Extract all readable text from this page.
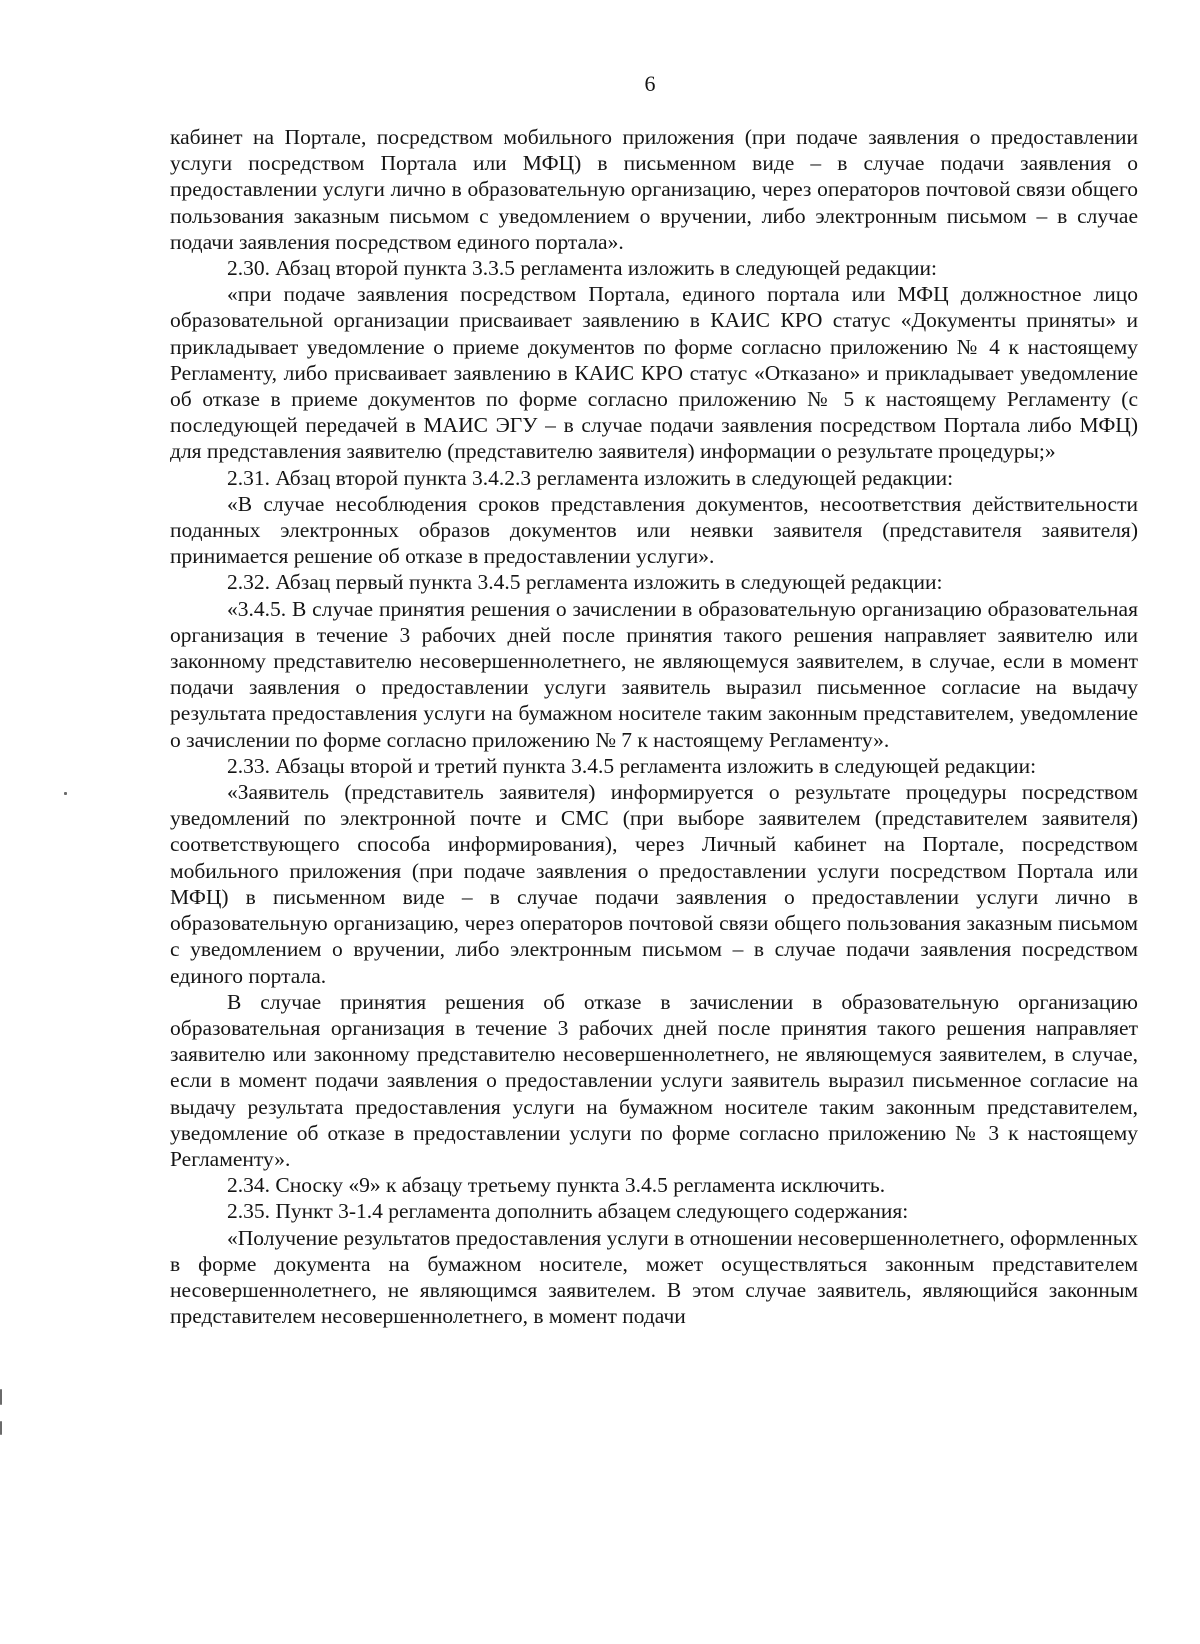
6

кабинет на Портале, посредством мобильного приложения (при подаче заявления о предоставлении услуги посредством Портала или МФЦ) в письменном виде – в случае подачи заявления о предоставлении услуги лично в образовательную организацию, через операторов почтовой связи общего пользования заказным письмом с уведомлением о вручении, либо электронным письмом – в случае подачи заявления посредством единого портала».

2.30. Абзац второй пункта 3.3.5 регламента изложить в следующей редакции:

«при подаче заявления посредством Портала, единого портала или МФЦ должностное лицо образовательной организации присваивает заявлению в КАИС КРО статус «Документы приняты» и прикладывает уведомление о приеме документов по форме согласно приложению № 4 к настоящему Регламенту, либо присваивает заявлению в КАИС КРО статус «Отказано» и прикладывает уведомление об отказе в приеме документов по форме согласно приложению № 5 к настоящему Регламенту (с последующей передачей в МАИС ЭГУ – в случае подачи заявления посредством Портала либо МФЦ) для представления заявителю (представителю заявителя) информации о результате процедуры;»

2.31. Абзац второй пункта 3.4.2.3 регламента изложить в следующей редакции:

«В случае несоблюдения сроков представления документов, несоответствия действительности поданных электронных образов документов или неявки заявителя (представителя заявителя) принимается решение об отказе в предоставлении услуги».

2.32. Абзац первый пункта 3.4.5 регламента изложить в следующей редакции:

«3.4.5. В случае принятия решения о зачислении в образовательную организацию образовательная организация в течение 3 рабочих дней после принятия такого решения направляет заявителю или законному представителю несовершеннолетнего, не являющемуся заявителем, в случае, если в момент подачи заявления о предоставлении услуги заявитель выразил письменное согласие на выдачу результата предоставления услуги на бумажном носителе таким законным представителем, уведомление о зачислении по форме согласно приложению № 7 к настоящему Регламенту».

2.33. Абзацы второй и третий пункта 3.4.5 регламента изложить в следующей редакции:

«Заявитель (представитель заявителя) информируется о результате процедуры посредством уведомлений по электронной почте и СМС (при выборе заявителем (представителем заявителя) соответствующего способа информирования), через Личный кабинет на Портале, посредством мобильного приложения (при подаче заявления о предоставлении услуги посредством Портала или МФЦ) в письменном виде – в случае подачи заявления о предоставлении услуги лично в образовательную организацию, через операторов почтовой связи общего пользования заказным письмом с уведомлением о вручении, либо электронным письмом – в случае подачи заявления посредством единого портала.

В случае принятия решения об отказе в зачислении в образовательную организацию образовательная организация в течение 3 рабочих дней после принятия такого решения направляет заявителю или законному представителю несовершеннолетнего, не являющемуся заявителем, в случае, если в момент подачи заявления о предоставлении услуги заявитель выразил письменное согласие на выдачу результата предоставления услуги на бумажном носителе таким законным представителем, уведомление об отказе в предоставлении услуги по форме согласно приложению № 3 к настоящему Регламенту».

2.34. Сноску «9» к абзацу третьему пункта 3.4.5 регламента исключить.

2.35. Пункт 3-1.4 регламента дополнить абзацем следующего содержания:

«Получение результатов предоставления услуги в отношении несовершеннолетнего, оформленных в форме документа на бумажном носителе, может осуществляться законным представителем несовершеннолетнего, не являющимся заявителем. В этом случае заявитель, являющийся законным представителем несовершеннолетнего, в момент подачи
